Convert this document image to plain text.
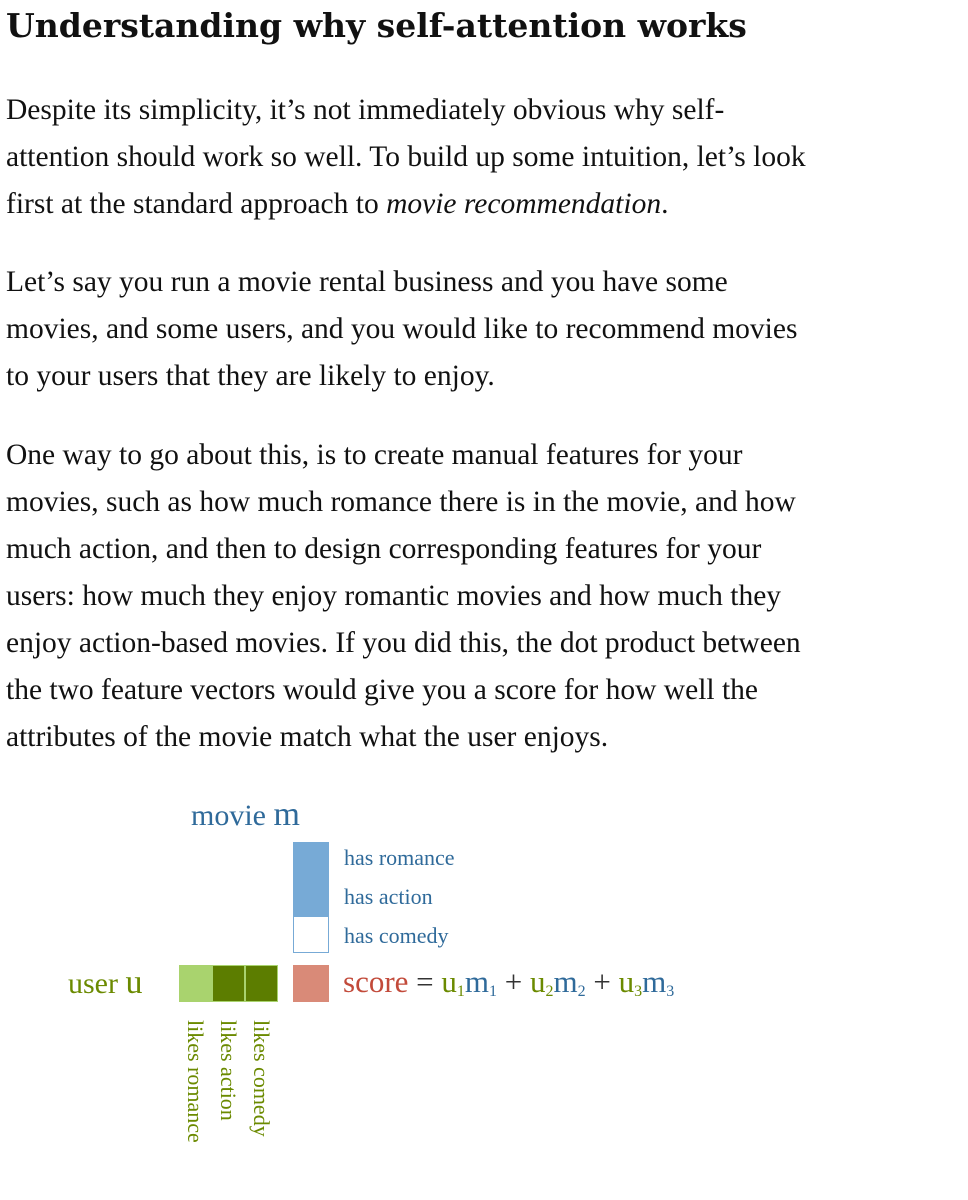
Understanding why self-attention works

Despite its simplicity, it’s not immediately obvious why self-
attention should work so well. To build up some intuition, let’s look
first at the standard approach to movie recommendation.

Let’s say you run a movie rental business and you have some
movies, and some users, and you would like to recommend movies
to your users that they are likely to enjoy.

One way to go about this, is to create manual features for your
movies, such as how much romance there is in the movie, and how
much action, and then to design corresponding features for your
users: how much they enjoy romantic movies and how much they
enjoy action-based movies. If you did this, the dot product between
the two feature vectors would give you a score for how well the
attributes of the movie match what the user enjoys.

movie m
has romance
has action
has comedy
user u	score = $u_1m_1 + u_2m_2 + u_3m_3$
likes romance likes action likes comedy
